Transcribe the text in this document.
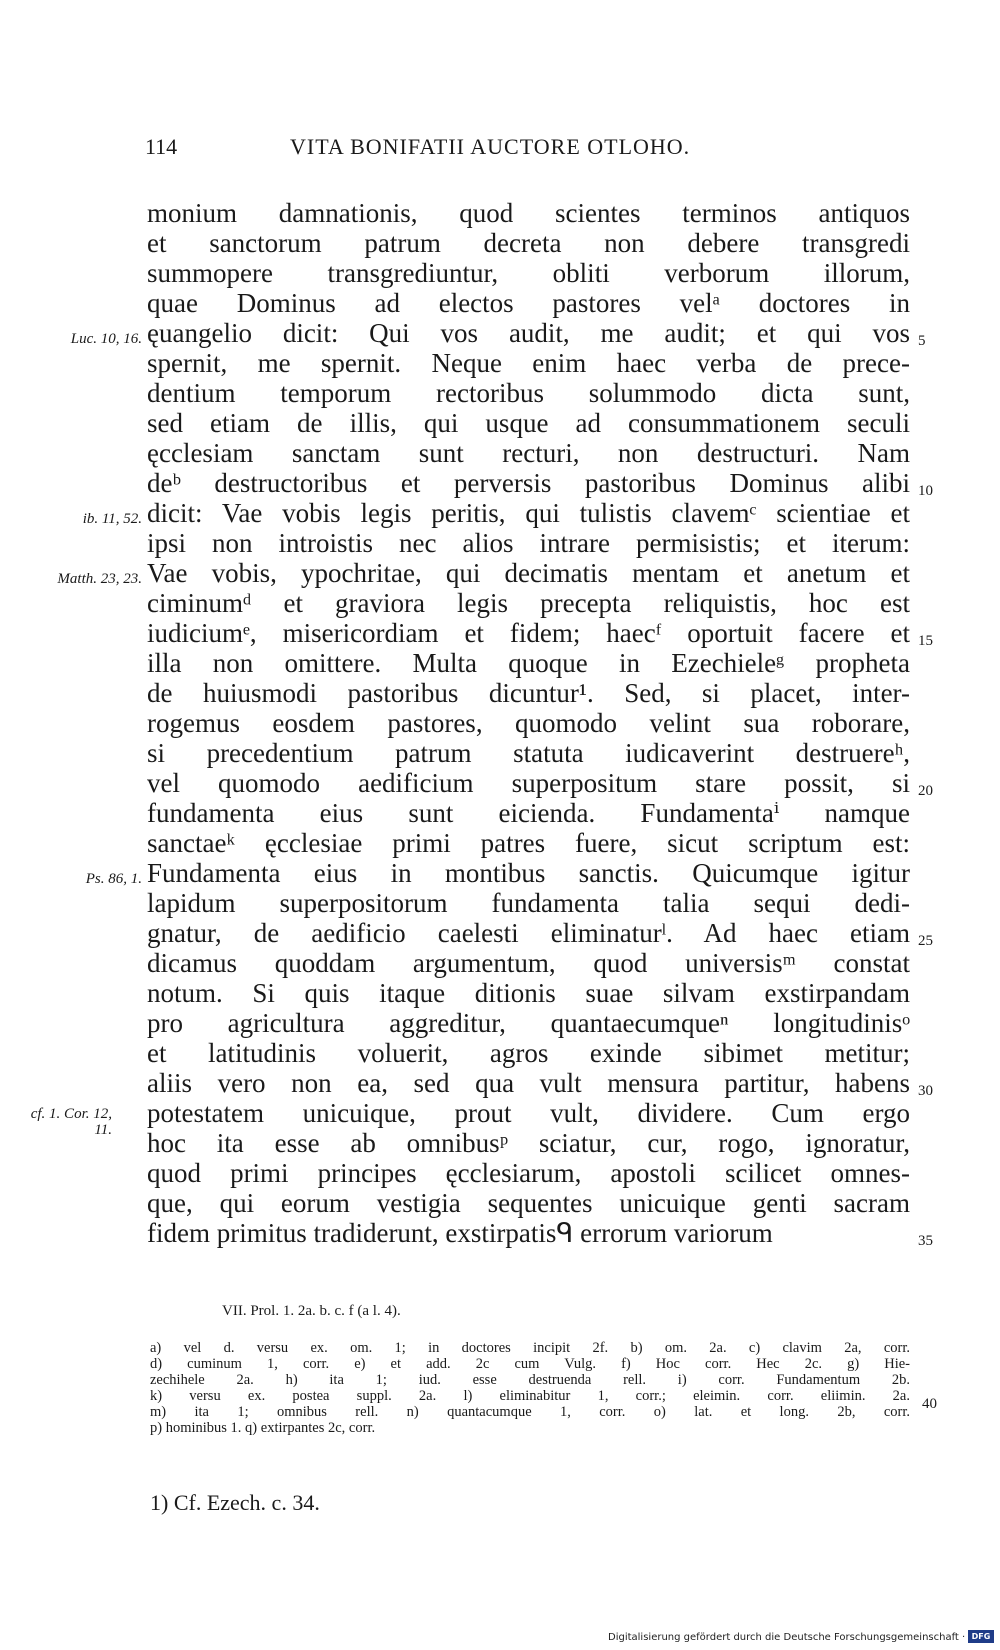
114	VITA BONIFATII AUCTORE OTLOHO.
monium damnationis, quod scientes terminos antiquos
et sanctorum patrum decreta non debere transgredi
summopere transgrediuntur, obliti verborum illorum,
quae Dominus ad electos pastores velᵃ doctores in
ęuangelio dicit: Qui vos audit, me audit; et qui vos
spernit, me spernit. Neque enim haec verba de prece-
dentium temporum rectoribus solummodo dicta sunt,
sed etiam de illis, qui usque ad consummationem seculi
ęcclesiam sanctam sunt recturi, non destructuri. Nam
deᵇ destructoribus et perversis pastoribus Dominus alibi
dicit: Vae vobis legis peritis, qui tulistis clavemᶜ scientiae et
ipsi non introistis nec alios intrare permisistis; et iterum:
Vae vobis, ypochritae, qui decimatis mentam et anetum et
ciminumᵈ et graviora legis precepta reliquistis, hoc est
iudiciumᵉ, misericordiam et fidem; haecᶠ oportuit facere et
illa non omittere. Multa quoque in Ezechieleᵍ propheta
de huiusmodi pastoribus dicuntur¹. Sed, si placet, inter-
rogemus eosdem pastores, quomodo velint sua roborare,
si precedentium patrum statuta iudicaverint destruereʰ,
vel quomodo aedificium superpositum stare possit, si
fundamenta eius sunt eicienda. Fundamentaⁱ namque
sanctaeᵏ ęcclesiae primi patres fuere, sicut scriptum est:
Fundamenta eius in montibus sanctis. Quicumque igitur
lapidum superpositorum fundamenta talia sequi dedi-
gnatur, de aedificio caelesti eliminaturˡ. Ad haec etiam
dicamus quoddam argumentum, quod universisᵐ constat
notum. Si quis itaque ditionis suae silvam exstirpandam
pro agricultura aggreditur, quantaecumqueⁿ longitudinisᵒ
et latitudinis voluerit, agros exinde sibimet metitur;
aliis vero non ea, sed qua vult mensura partitur, habens
potestatem unicuique, prout vult, dividere. Cum ergo
hoc ita esse ab omnibusᵖ sciatur, cur, rogo, ignoratur,
quod primi principes ęcclesiarum, apostoli scilicet omnes-
que, qui eorum vestigia sequentes unicuique genti sacram
fidem primitus tradiderunt, exstirpatisᑫ errorum variorum
Luc. 10, 16.
ib. 11, 52.
Matth. 23, 23.
Ps. 86, 1.
cf. 1. Cor. 12, 11.
5
10
15
20
25
30
35
VII. Prol. 1. 2a. b. c. f (a l. 4).
a) vel d. versu ex. om. 1; in doctores incipit 2f. b) om. 2a. c) clavim 2a, corr.
d) cuminum 1, corr. e) et add. 2c cum Vulg. f) Hoc corr. Hec 2c. g) Hie-
zechihele 2a. h) ita 1; iud. esse destruenda rell. i) corr. Fundamentum 2b.
k) versu ex. postea suppl. 2a. l) eliminabitur 1, corr.; eleimin. corr. eliimin. 2a.
m) ita 1; omnibus rell. n) quantacumque 1, corr. o) lat. et long. 2b, corr.
p) hominibus 1. q) extirpantes 2c, corr.
40
1) Cf. Ezech. c. 34.
Digitalisierung gefördert durch die Deutsche Forschungsgemeinschaft · DFG
